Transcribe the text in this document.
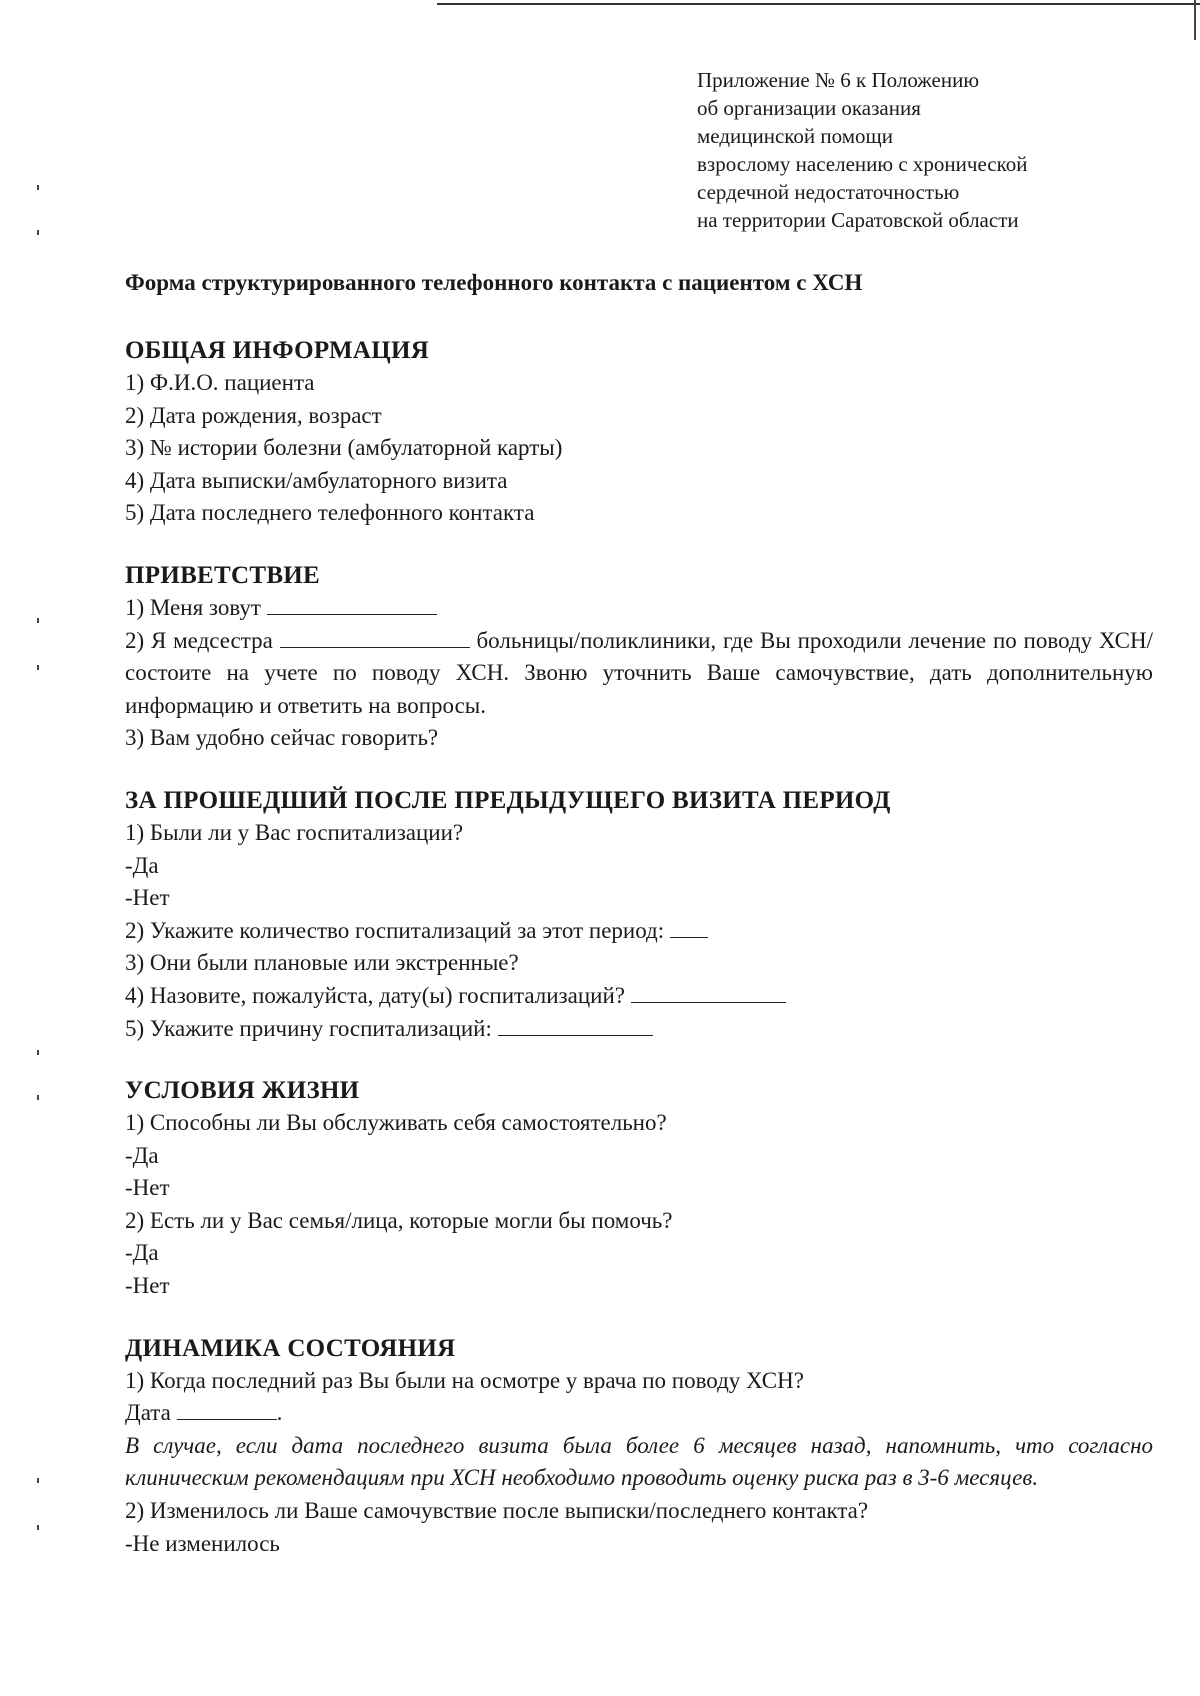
Приложение № 6 к Положению
об организации оказания
медицинской помощи
взрослому населению с хронической
сердечной недостаточностью
на территории Саратовской области
Форма структурированного телефонного контакта с пациентом с ХСН
ОБЩАЯ ИНФОРМАЦИЯ
1) Ф.И.О. пациента
2) Дата рождения, возраст
3) № истории болезни (амбулаторной карты)
4) Дата выписки/амбулаторного визита
5) Дата последнего телефонного контакта
ПРИВЕТСТВИЕ
1) Меня зовут
2) Я медсестра	больницы/поликлиники, где Вы проходили лечение по поводу ХСН/состоите на учете по поводу ХСН. Звоню уточнить Ваше самочувствие, дать дополнительную информацию и ответить на вопросы.
3) Вам удобно сейчас говорить?
ЗА ПРОШЕДШИЙ ПОСЛЕ ПРЕДЫДУЩЕГО ВИЗИТА ПЕРИОД
1) Были ли у Вас госпитализации?
-Да
-Нет
2) Укажите количество госпитализаций за этот период:
3) Они были плановые или экстренные?
4) Назовите, пожалуйста, дату(ы) госпитализаций?
5) Укажите причину госпитализаций:
УСЛОВИЯ ЖИЗНИ
1) Способны ли Вы обслуживать себя самостоятельно?
-Да
-Нет
2) Есть ли у Вас семья/лица, которые могли бы помочь?
-Да
-Нет
ДИНАМИКА СОСТОЯНИЯ
1) Когда последний раз Вы были на осмотре у врача по поводу ХСН?
Дата	.
В случае, если дата последнего визита была более 6 месяцев назад, напомнить, что согласно клиническим рекомендациям при ХСН необходимо проводить оценку риска раз в 3-6 месяцев.
2) Изменилось ли Ваше самочувствие после выписки/последнего контакта?
-Не изменилось
